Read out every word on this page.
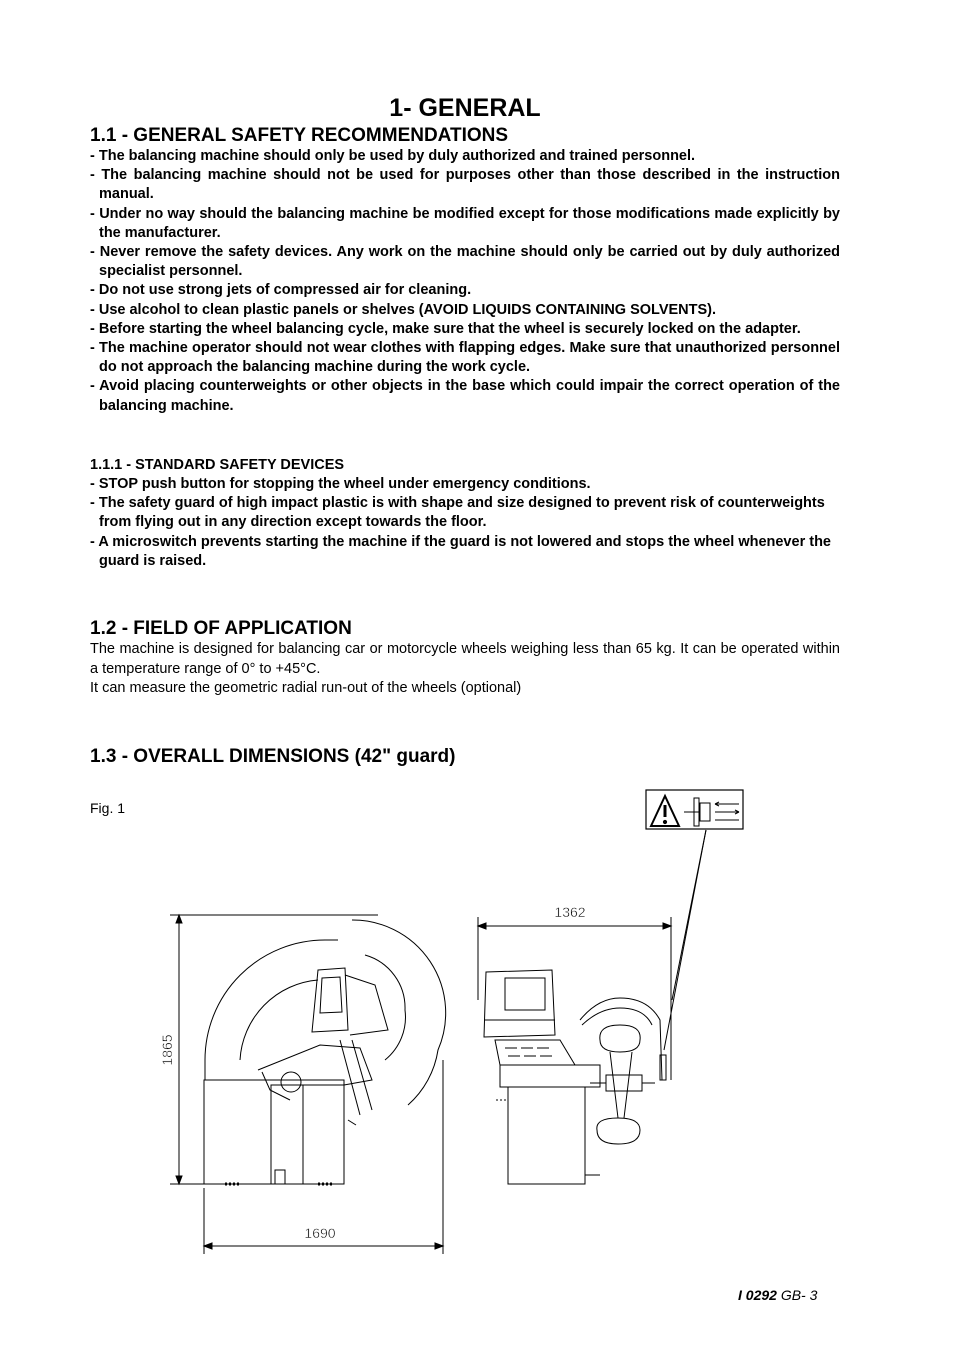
1- GENERAL
1.1 - GENERAL SAFETY RECOMMENDATIONS
- The balancing machine should only be used by duly authorized and trained personnel.
- The balancing machine should not be used for purposes other than those described in the instruction manual.
- Under no way should the balancing machine be modified except for those modifications made explicitly by the manufacturer.
- Never remove the safety devices. Any work on the machine should only be carried out by duly authorized specialist personnel.
- Do not use strong jets of compressed air for cleaning.
- Use alcohol to clean plastic panels or shelves (AVOID LIQUIDS CONTAINING SOLVENTS).
- Before starting the wheel balancing cycle, make sure that the wheel is securely locked on the adapter.
- The machine operator should not wear clothes with flapping edges. Make sure that unauthorized personnel do not approach the balancing machine during the work cycle.
- Avoid placing counterweights or other objects in the base which could impair the correct operation of the balancing machine.
1.1.1 - STANDARD SAFETY DEVICES
- STOP push button for stopping the wheel under emergency conditions.
- The safety guard of high impact plastic is with shape and size designed to prevent risk of counterweights from flying out in any direction except towards the floor.
- A microswitch prevents starting the machine if the guard is not lowered and stops the wheel whenever the guard is raised.
1.2 - FIELD OF APPLICATION

The machine is designed for balancing car or motorcycle wheels weighing less than 65 kg. It can be operated within a temperature range of 0° to +45°C.

It can measure the geometric radial run-out of the wheels (optional)

1.3 - OVERALL DIMENSIONS (42" guard)
Fig. 1
1362
1865
1690
I 0292 GB- 3
